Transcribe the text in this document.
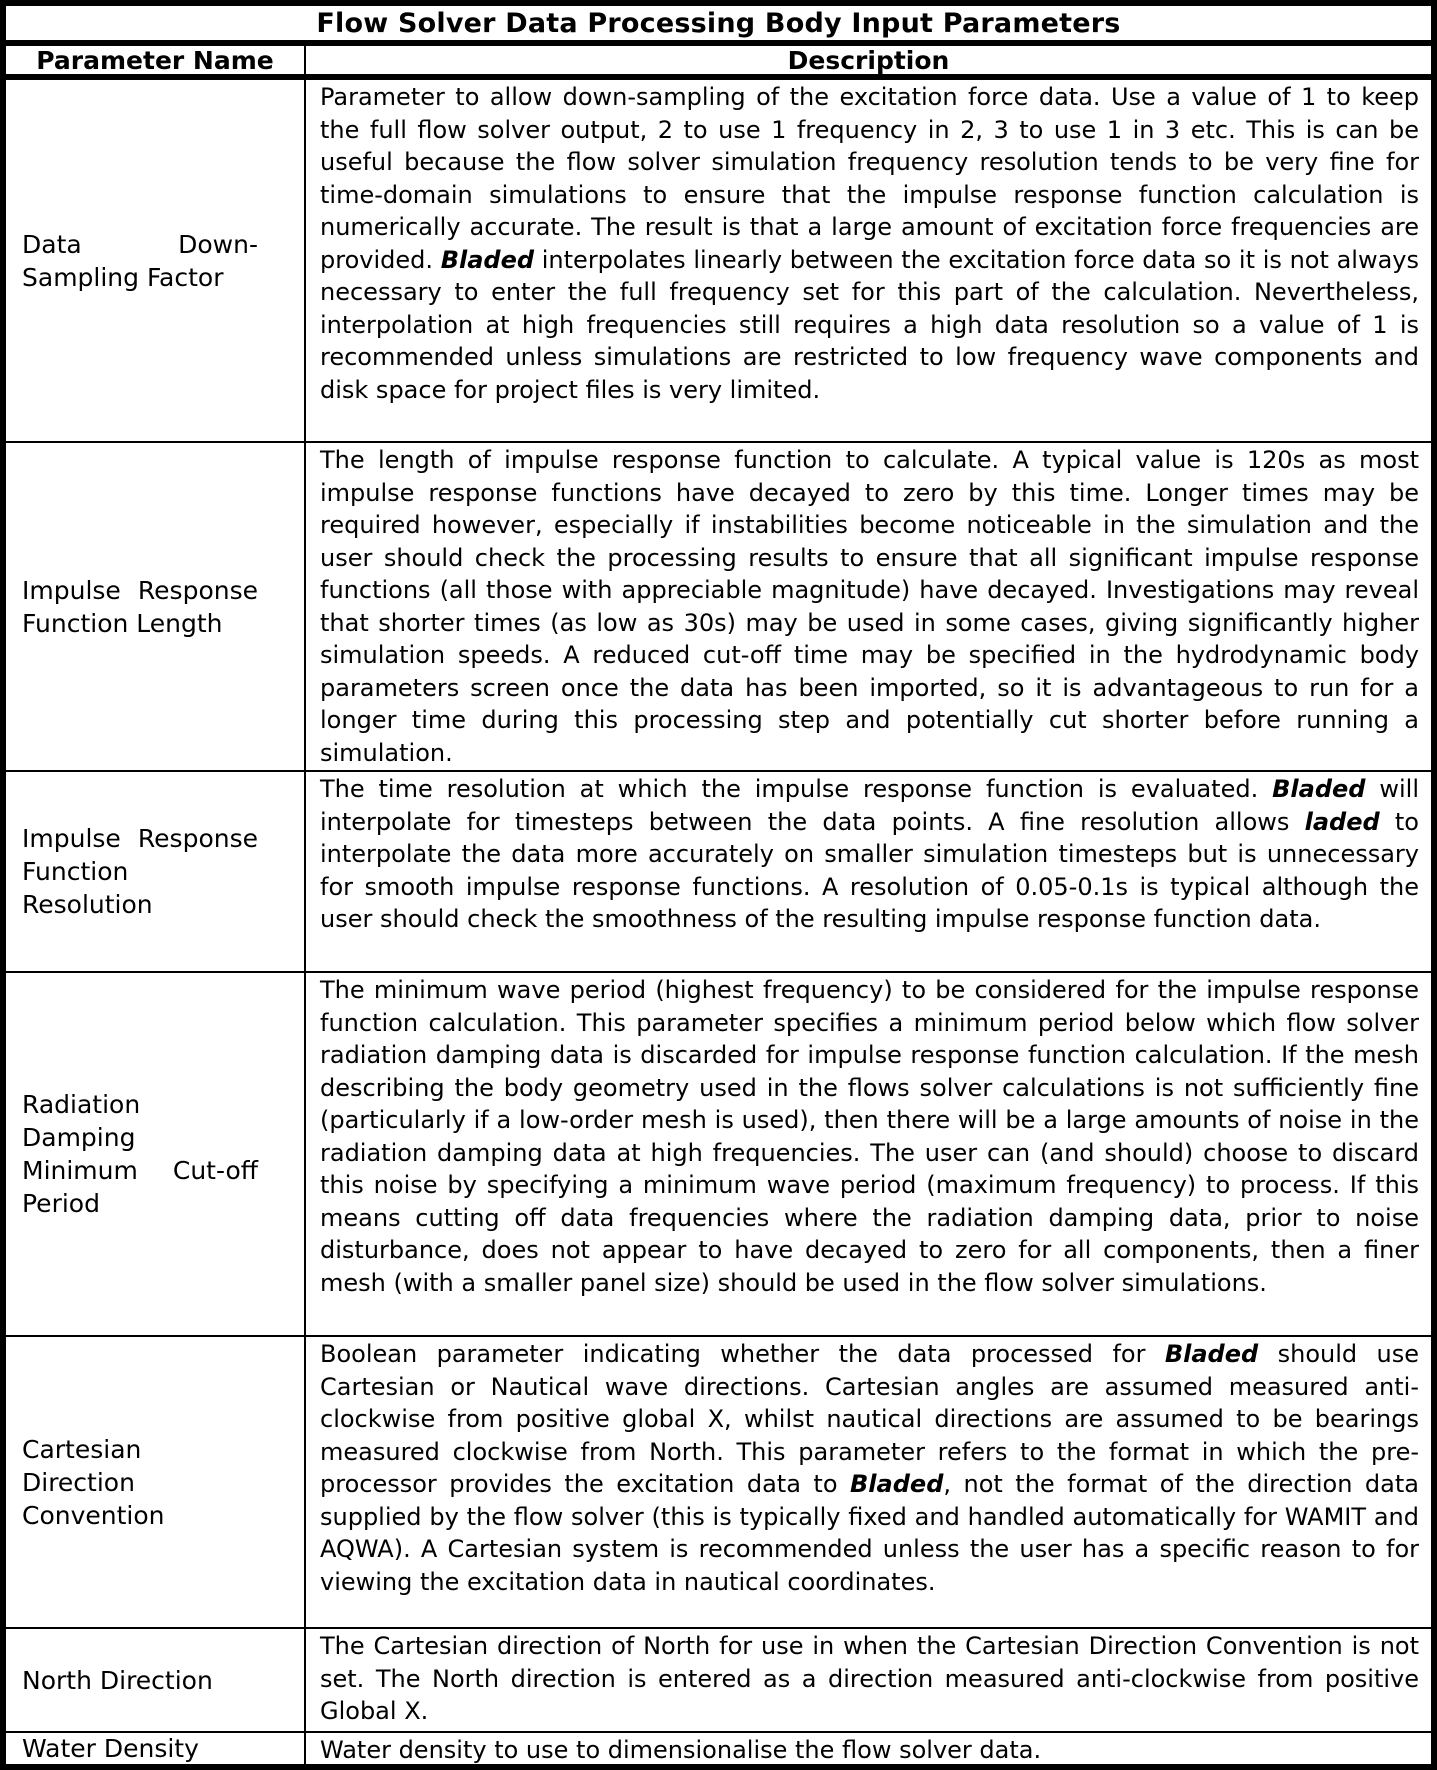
Flow Solver Data Processing Body Input Parameters
Parameter Name	Description
Data Down-Sampling Factor
Parameter to allow down-sampling of the excitation force data. Use a value of 1 to keep the full flow solver output, 2 to use 1 frequency in 2, 3 to use 1 in 3 etc. This is can be useful because the flow solver simulation frequency resolution tends to be very fine for time-domain simulations to ensure that the impulse response function calculation is numerically accurate. The result is that a large amount of excitation force frequencies are provided. Bladed interpolates linearly between the excitation force data so it is not always necessary to enter the full frequency set for this part of the calculation. Nevertheless, interpolation at high frequencies still requires a high data resolution so a value of 1 is recommended unless simulations are restricted to low frequency wave components and disk space for project files is very limited.
Impulse Response Function Length
The length of impulse response function to calculate. A typical value is 120s as most impulse response functions have decayed to zero by this time. Longer times may be required however, especially if instabilities become noticeable in the simulation and the user should check the processing results to ensure that all significant impulse response functions (all those with appreciable magnitude) have decayed. Investigations may reveal that shorter times (as low as 30s) may be used in some cases, giving significantly higher simulation speeds. A reduced cut-off time may be specified in the hydrodynamic body parameters screen once the data has been imported, so it is advantageous to run for a longer time during this processing step and potentially cut shorter before running a simulation.
Impulse Response Function Resolution
The time resolution at which the impulse response function is evaluated. Bladed will interpolate for timesteps between the data points. A fine resolution allows laded to interpolate the data more accurately on smaller simulation timesteps but is unnecessary for smooth impulse response functions. A resolution of 0.05-0.1s is typical although the user should check the smoothness of the resulting impulse response function data.
Radiation Damping Minimum Cut-off Period
The minimum wave period (highest frequency) to be considered for the impulse response function calculation. This parameter specifies a minimum period below which flow solver radiation damping data is discarded for impulse response function calculation. If the mesh describing the body geometry used in the flows solver calculations is not sufficiently fine (particularly if a low-order mesh is used), then there will be a large amounts of noise in the radiation damping data at high frequencies. The user can (and should) choose to discard this noise by specifying a minimum wave period (maximum frequency) to process. If this means cutting off data frequencies where the radiation damping data, prior to noise disturbance, does not appear to have decayed to zero for all components, then a finer mesh (with a smaller panel size) should be used in the flow solver simulations.
Cartesian Direction Convention
Boolean parameter indicating whether the data processed for Bladed should use Cartesian or Nautical wave directions. Cartesian angles are assumed measured anti-clockwise from positive global X, whilst nautical directions are assumed to be bearings measured clockwise from North. This parameter refers to the format in which the pre-processor provides the excitation data to Bladed, not the format of the direction data supplied by the flow solver (this is typically fixed and handled automatically for WAMIT and AQWA). A Cartesian system is recommended unless the user has a specific reason to for viewing the excitation data in nautical coordinates.
North Direction
The Cartesian direction of North for use in when the Cartesian Direction Convention is not set. The North direction is entered as a direction measured anti-clockwise from positive Global X.
Water Density	Water density to use to dimensionalise the flow solver data.
